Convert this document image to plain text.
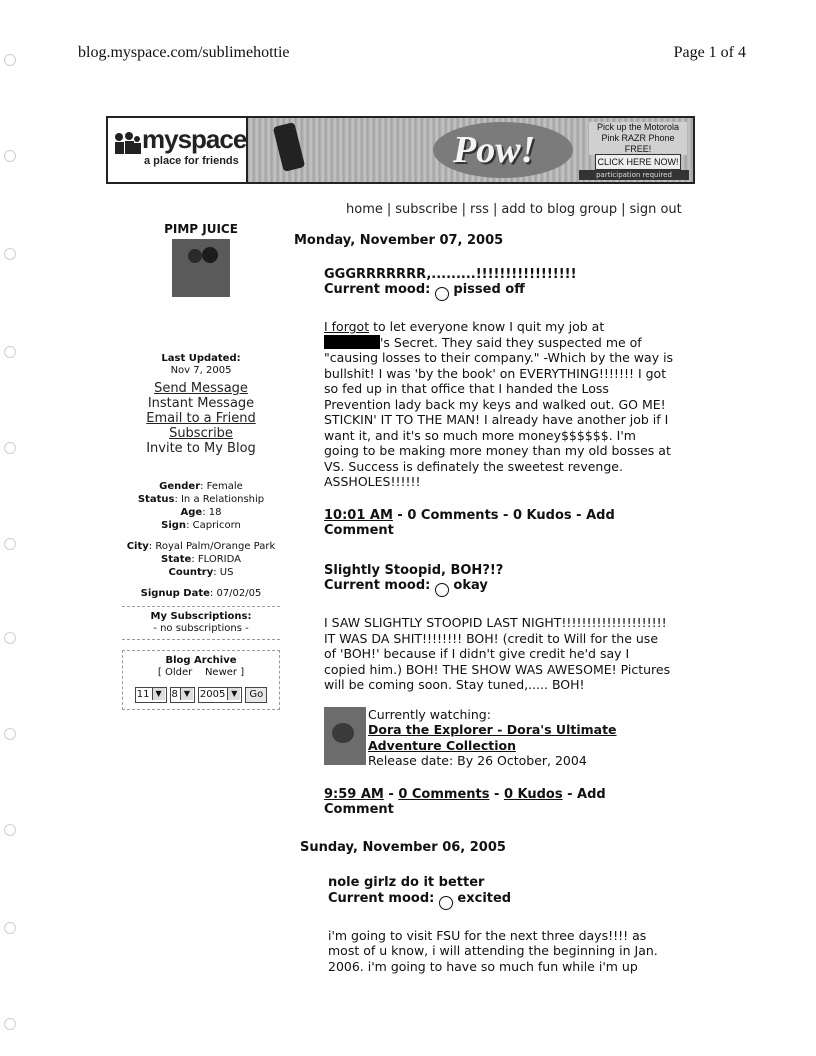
blog.myspace.com/sublimehottie	Page 1 of 4
myspace
a place for friends	Pow!
Pick up the Motorola Pink RAZR Phone FREE!
CLICK HERE NOW!
participation required
home | subscribe | rss | add to blog group | sign out
PIMP JUICE
Last Updated:
Nov 7, 2005
Send Message
Instant Message
Email to a Friend
Subscribe
Invite to My Blog
Gender: Female
Status: In a Relationship
Age: 18
Sign: Capricorn
City: Royal Palm/Orange Park
State: FLORIDA
Country: US
Signup Date: 07/02/05
My Subscriptions:
- no subscriptions -
Blog Archive
[ Older    Newer ]
11 ▼ 8 ▼ 2005 ▼	Go
Monday, November 07, 2005
GGGRRRRRRR,.........!!!!!!!!!!!!!!!!!
Current mood: pissed off
I forgot to let everyone know I quit my job at
's Secret. They said they suspected me of "causing losses to their company." -Which by the way is bullshit! I was 'by the book' on EVERYTHING!!!!!!! I got so fed up in that office that I handed the Loss Prevention lady back my keys and walked out. GO ME! STICKIN' IT TO THE MAN! I already have another job if I want it, and it's so much more money$$$$$$. I'm going to be making more money than my old bosses at VS. Success is definately the sweetest revenge. ASSHOLES!!!!!!
10:01 AM - 0 Comments - 0 Kudos - Add Comment
Slightly Stoopid, BOH?!?
Current mood: okay
I SAW SLIGHTLY STOOPID LAST NIGHT!!!!!!!!!!!!!!!!!!!!! IT WAS DA SHIT!!!!!!!! BOH! (credit to Will for the use of 'BOH!' because if I didn't give credit he'd say I copied him.) BOH! THE SHOW WAS AWESOME! Pictures will be coming soon. Stay tuned,..... BOH!
Currently watching:
Dora the Explorer - Dora's Ultimate Adventure Collection
Release date: By 26 October, 2004
9:59 AM - 0 Comments - 0 Kudos - Add Comment
Sunday, November 06, 2005
nole girlz do it better
Current mood: excited
i'm going to visit FSU for the next three days!!!! as most of u know, i will attending the beginning in Jan. 2006. i'm going to have so much fun while i'm up
